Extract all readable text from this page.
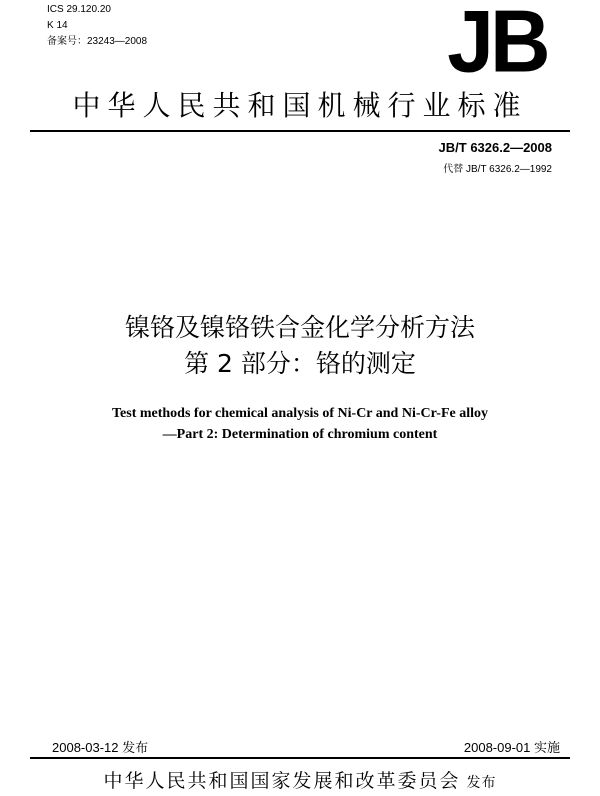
ICS 29.120.20
K 14
备案号：23243—2008	JB
中华人民共和国机械行业标准
JB/T 6326.2—2008
代替 JB/T 6326.2—1992
镍铬及镍铬铁合金化学分析方法
第 2 部分：铬的测定
Test methods for chemical analysis of Ni-Cr and Ni-Cr-Fe alloy
—Part 2: Determination of chromium content
2008-03-12 发布	2008-09-01 实施
中华人民共和国国家发展和改革委员会 发布
